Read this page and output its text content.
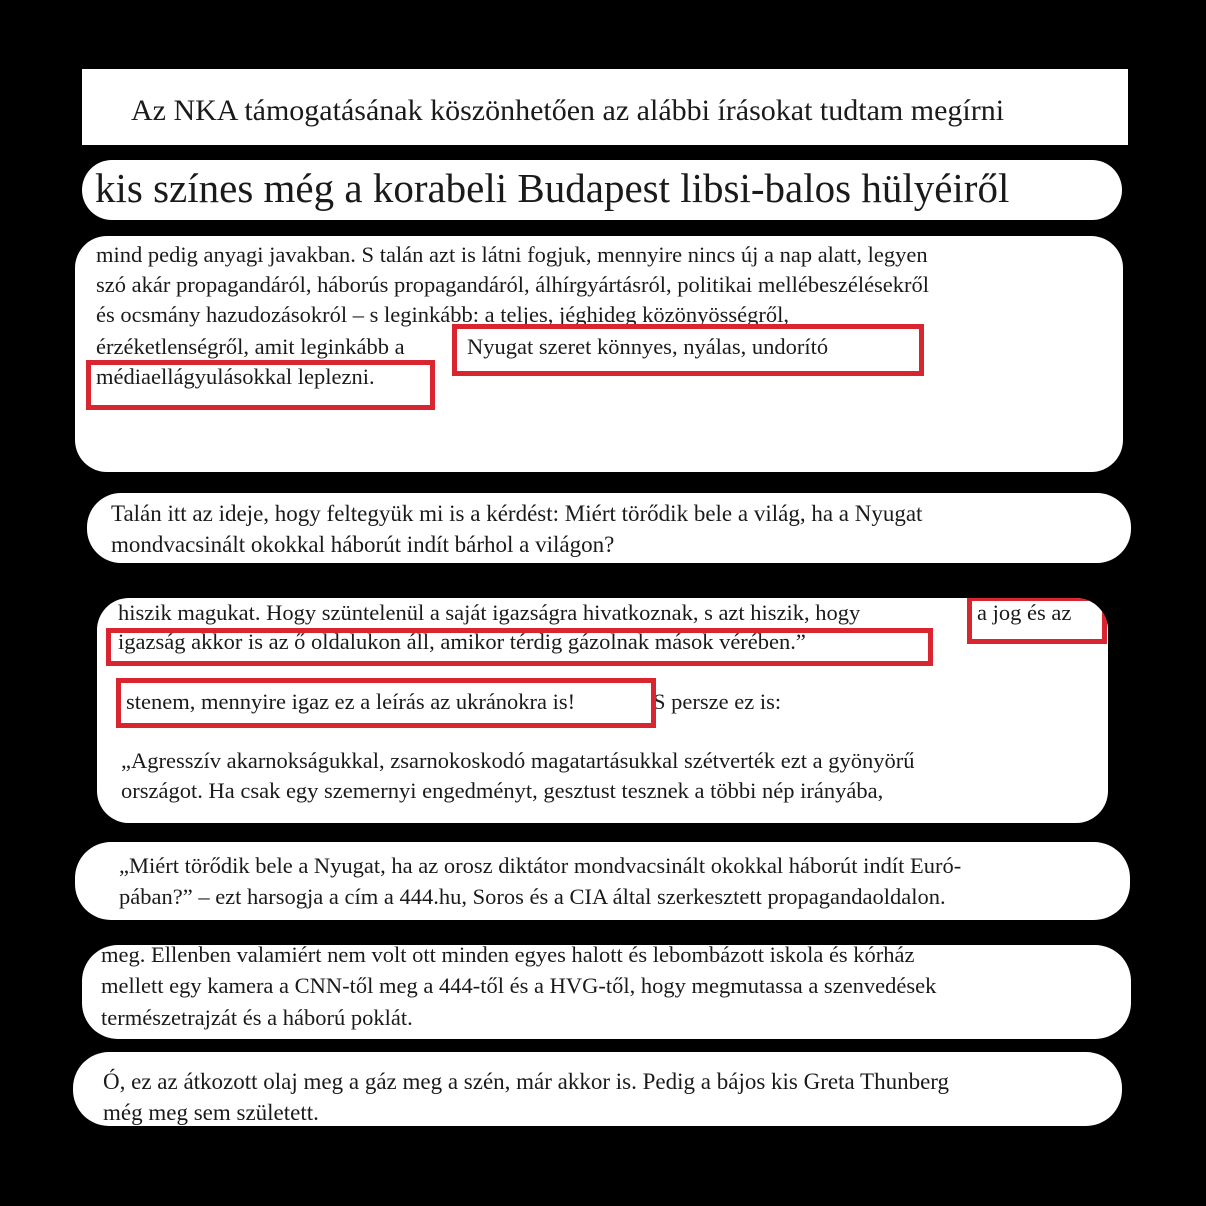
Az NKA támogatásának köszönhetően az alábbi írásokat tudtam megírni
kis színes még a korabeli Budapest libsi-balos hülyéiről
mind pedig anyagi javakban. S talán azt is látni fogjuk, mennyire nincs új a nap alatt, legyen
szó akár propagandáról, háborús propagandáról, álhírgyártásról, politikai mellébeszélésekről
és ocsmány hazudozásokról – s leginkább: a teljes, jéghideg közönyösségről,
érzéketlenségről, amit leginkább a	Nyugat szeret könnyes, nyálas, undorító
médiaellágyulásokkal leplezni.
Talán itt az ideje, hogy feltegyük mi is a kérdést: Miért törődik bele a világ, ha a Nyugat
mondvacsinált okokkal háborút indít bárhol a világon?
hiszik magukat. Hogy szüntelenül a saját igazságra hivatkoznak, s azt hiszik, hogy	a jog és az
igazság akkor is az ő oldalukon áll, amikor térdig gázolnak mások vérében.”
stenem, mennyire igaz ez a leírás az ukránokra is!	S persze ez is:
„Agresszív akarnokságukkal, zsarnokoskodó magatartásukkal szétverték ezt a gyönyörű
országot. Ha csak egy szemernyi engedményt, gesztust tesznek a többi nép irányába,
„Miért törődik bele a Nyugat, ha az orosz diktátor mondvacsinált okokkal háborút indít Euró-
pában?” – ezt harsogja a cím a 444.hu, Soros és a CIA által szerkesztett propagandaoldalon.
meg. Ellenben valamiért nem volt ott minden egyes halott és lebombázott iskola és kórház
mellett egy kamera a CNN-től meg a 444-től és a HVG-től, hogy megmutassa a szenvedések
természetrajzát és a háború poklát.
Ó, ez az átkozott olaj meg a gáz meg a szén, már akkor is. Pedig a bájos kis Greta Thunberg
még meg sem született.
